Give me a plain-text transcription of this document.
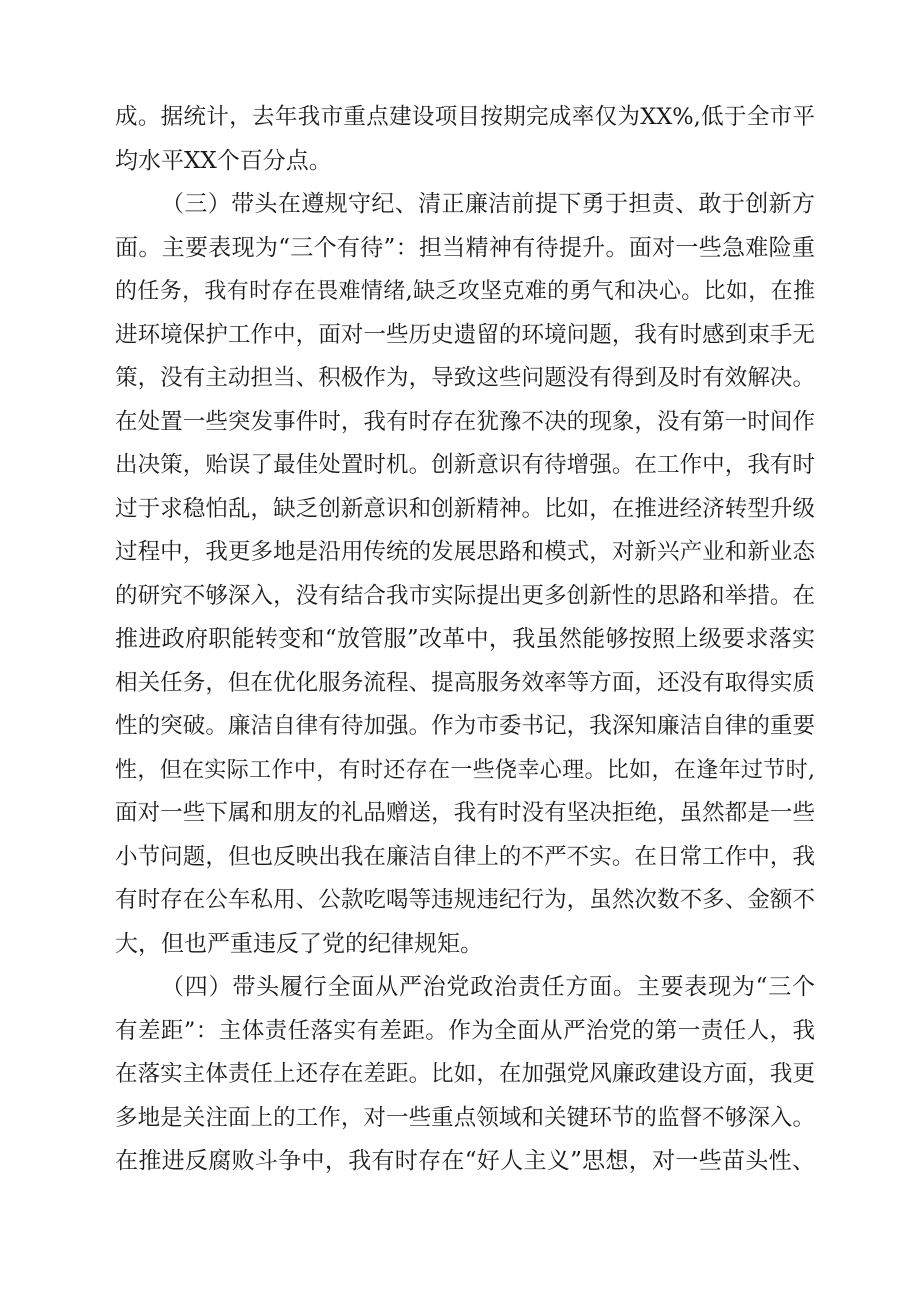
成。据统计，去年我市重点建设项目按期完成率仅为XX%,低于全市平
均水平XX个百分点。
（三）带头在遵规守纪、清正廉洁前提下勇于担责、敢于创新方
面。主要表现为“三个有待”：担当精神有待提升。面对一些急难险重
的任务，我有时存在畏难情绪,缺乏攻坚克难的勇气和决心。比如，在推
进环境保护工作中，面对一些历史遗留的环境问题，我有时感到束手无
策，没有主动担当、积极作为，导致这些问题没有得到及时有效解决。
在处置一些突发事件时，我有时存在犹豫不决的现象，没有第一时间作
出决策，贻误了最佳处置时机。创新意识有待增强。在工作中，我有时
过于求稳怕乱，缺乏创新意识和创新精神。比如，在推进经济转型升级
过程中，我更多地是沿用传统的发展思路和模式，对新兴产业和新业态
的研究不够深入，没有结合我市实际提出更多创新性的思路和举措。在
推进政府职能转变和“放管服”改革中，我虽然能够按照上级要求落实
相关任务，但在优化服务流程、提高服务效率等方面，还没有取得实质
性的突破。廉洁自律有待加强。作为市委书记，我深知廉洁自律的重要
性，但在实际工作中，有时还存在一些侥幸心理。比如，在逢年过节时,
面对一些下属和朋友的礼品赠送，我有时没有坚决拒绝，虽然都是一些
小节问题，但也反映出我在廉洁自律上的不严不实。在日常工作中，我
有时存在公车私用、公款吃喝等违规违纪行为，虽然次数不多、金额不
大，但也严重违反了党的纪律规矩。
（四）带头履行全面从严治党政治责任方面。主要表现为“三个
有差距”：主体责任落实有差距。作为全面从严治党的第一责任人，我
在落实主体责任上还存在差距。比如，在加强党风廉政建设方面，我更
多地是关注面上的工作，对一些重点领域和关键环节的监督不够深入。
在推进反腐败斗争中，我有时存在“好人主义”思想，对一些苗头性、
